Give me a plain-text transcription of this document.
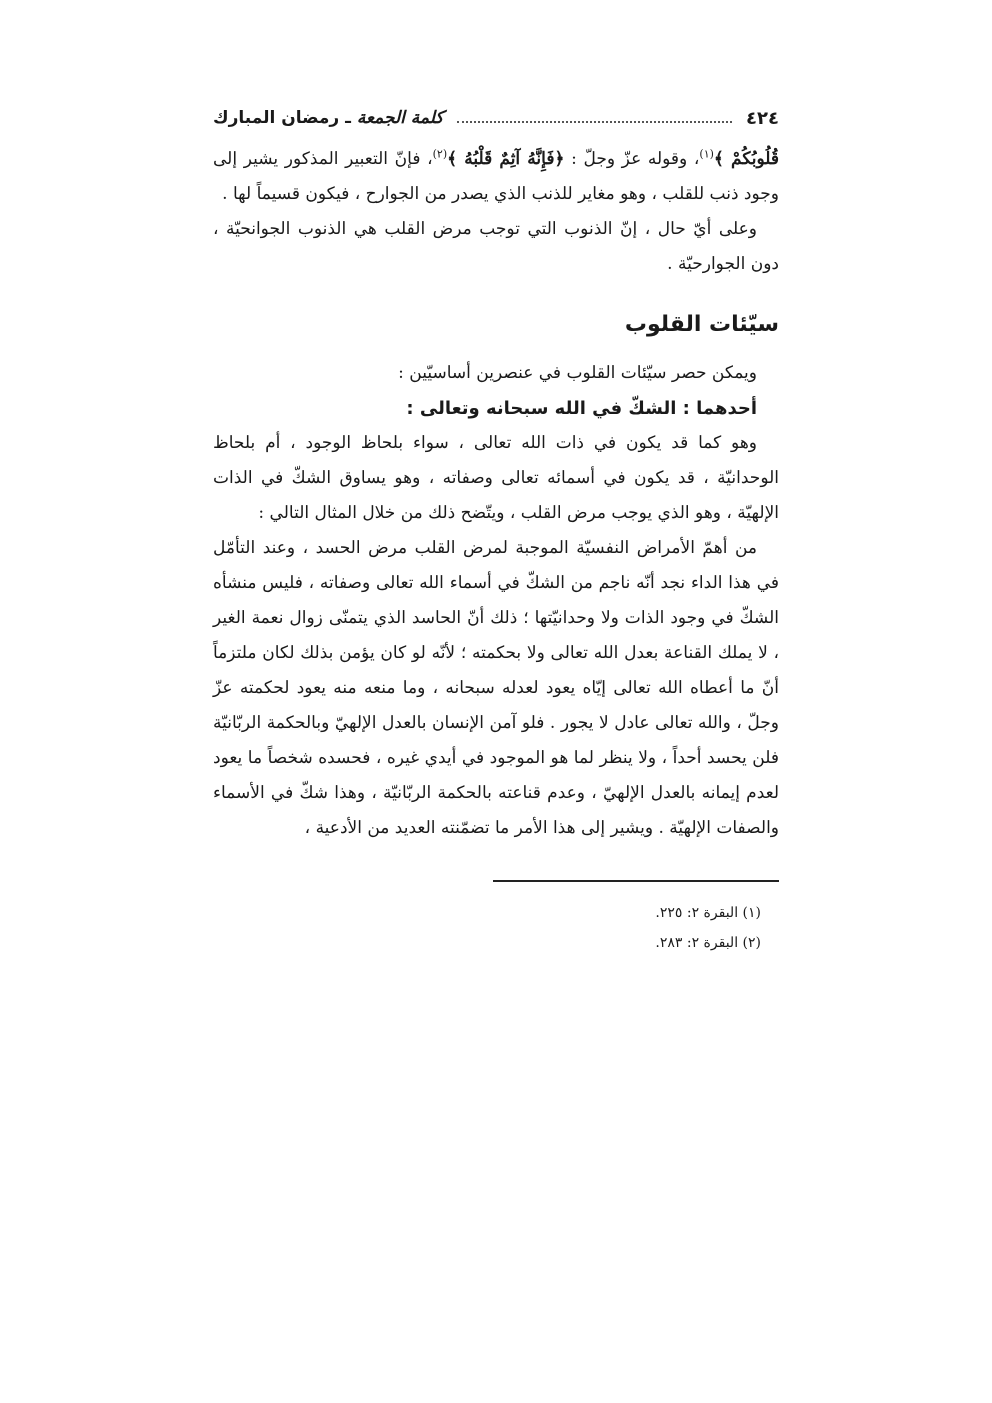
٤٢٤
كلمة الجمعة ـ رمضان المبارك

قُلُوبُكُمْ ﴾$^{(١)}$، وقوله عزّ وجلّ : ﴿فَإِنَّهُ آثِمٌ قَلْبُهُ ﴾$^{(٢)}$، فإنّ التعبير المذكور يشير إلى وجود ذنب للقلب ، وهو مغاير للذنب الذي يصدر من الجوارح ، فيكون قسيماً لها .

وعلى أيّ حال ، إنّ الذنوب التي توجب مرض القلب هي الذنوب الجوانحيّة ، دون الجوارحيّة .

سيّئات القلوب

ويمكن حصر سيّئات القلوب في عنصرين أساسيّين :

أحدهما : الشكّ في الله سبحانه وتعالى :

وهو كما قد يكون في ذات الله تعالى ، سواء بلحاظ الوجود ، أم بلحاظ الوحدانيّة ، قد يكون في أسمائه تعالى وصفاته ، وهو يساوق الشكّ في الذات الإلهيّة ، وهو الذي يوجب مرض القلب ، ويتّضح ذلك من خلال المثال التالي :

من أهمّ الأمراض النفسيّة الموجبة لمرض القلب مرض الحسد ، وعند التأمّل في هذا الداء نجد أنّه ناجم من الشكّ في أسماء الله تعالى وصفاته ، فليس منشأه الشكّ في وجود الذات ولا وحدانيّتها ؛ ذلك أنّ الحاسد الذي يتمنّى زوال نعمة الغير ، لا يملك القناعة بعدل الله تعالى ولا بحكمته ؛ لأنّه لو كان يؤمن بذلك لكان ملتزماً أنّ ما أعطاه الله تعالى إيّاه يعود لعدله سبحانه ، وما منعه منه يعود لحكمته عزّ وجلّ ، والله تعالى عادل لا يجور . فلو آمن الإنسان بالعدل الإلهيّ وبالحكمة الربّانيّة فلن يحسد أحداً ، ولا ينظر لما هو الموجود في أيدي غيره ، فحسده شخصاً ما يعود لعدم إيمانه بالعدل الإلهيّ ، وعدم قناعته بالحكمة الربّانيّة ، وهذا شكّ في الأسماء والصفات الإلهيّة . ويشير إلى هذا الأمر ما تضمّنته العديد من الأدعية ،

(١) البقرة ٢: ٢٢٥.
(٢) البقرة ٢: ٢٨٣.
